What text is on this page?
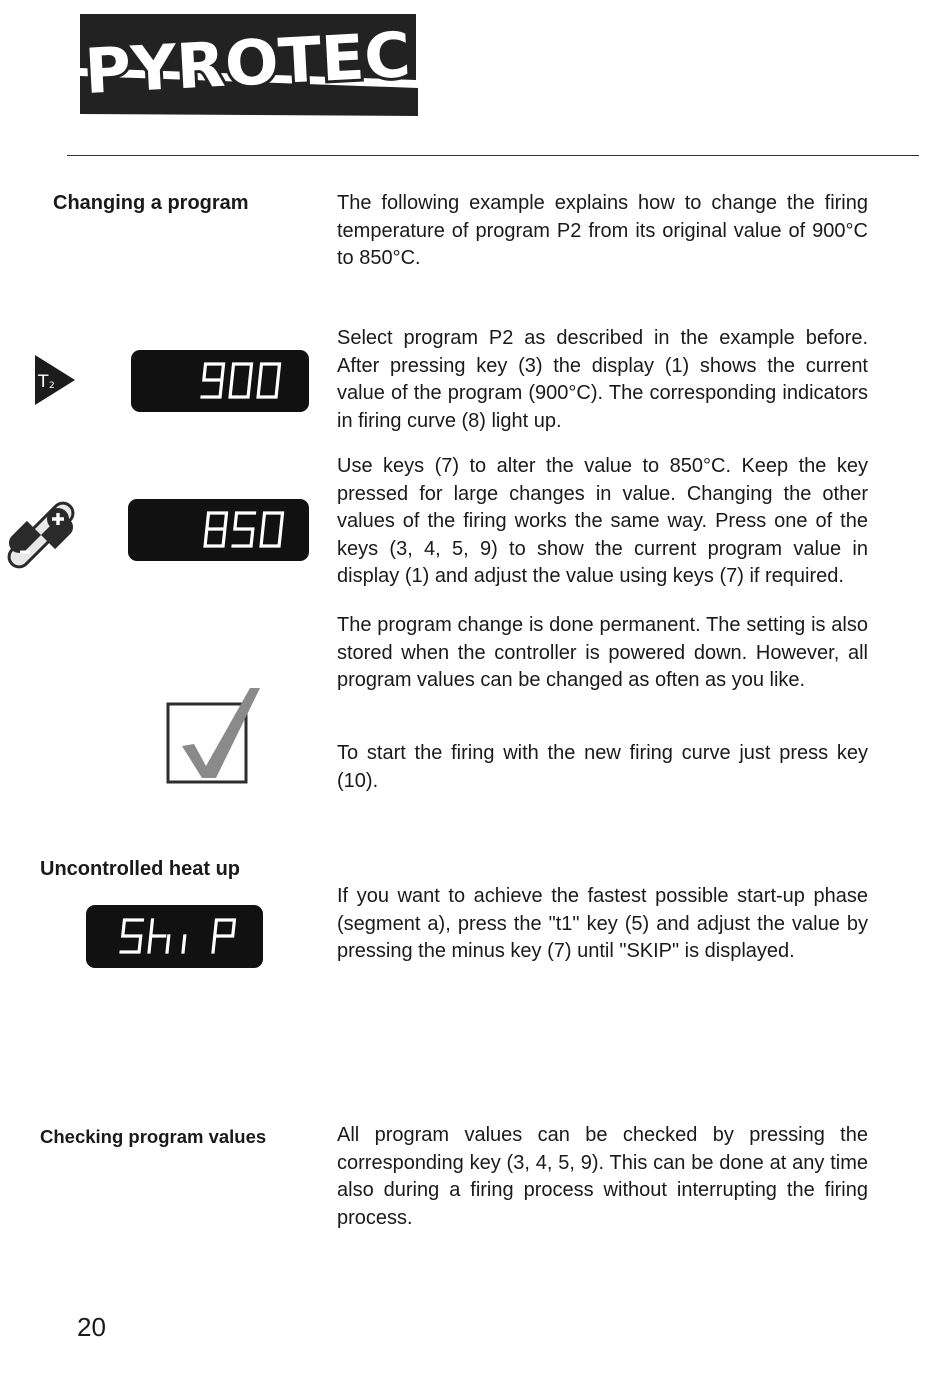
PYROTEC
Changing a program	The following example explains how to change the firing temperature of program P2 from its original value of 900°C to 850°C.

T 2
900	Select program P2 as described in the example before. After pressing key (3) the display (1) shows the current value of the program (900°C). The corresponding indicators in firing curve (8) light up.

850

Use keys (7) to alter the value to 850°C. Keep the key pressed for large changes in value. Changing the other values of the firing works the same way. Press one of the keys (3, 4, 5, 9) to show the current program value in display (1) and adjust the value using keys (7) if required.

The program change is done permanent. The setting is also stored when the controller is powered down. However, all program values can be changed as often as you like.

To start the firing with the new firing curve just press key (10).

Uncontrolled heat up
SKIP	If you want to achieve the fastest possible start-up phase (segment a), press the "t1" key (5) and adjust the value by pressing the minus key (7) until "SKIP" is displayed.

Checking program values	All program values can be checked by pressing the corresponding key (3, 4, 5, 9). This can be done at any time also during a firing process without interrupting the firing process.

20
